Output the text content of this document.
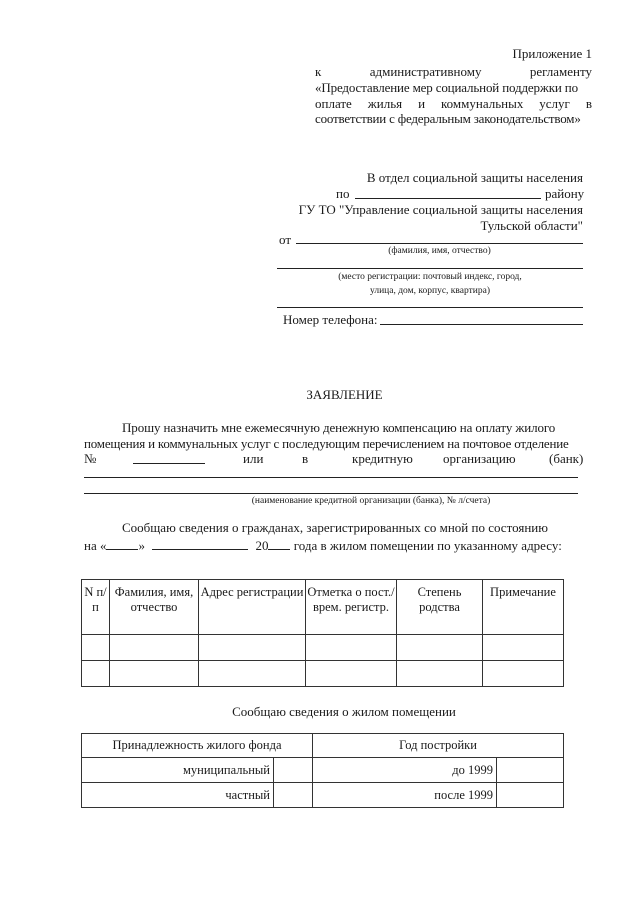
Приложение 1
к	административному	регламенту
«Предоставление мер социальной поддержки по
оплате жилья и коммунальных услуг в
соответствии с федеральным законодательством»
В отдел социальной защиты населения
по	району
ГУ ТО "Управление социальной защиты населения
Тульской области"
от
(фамилия, имя, отчество)
(место регистрации: почтовый индекс, город,
улица, дом, корпус, квартира)
Номер телефона:
ЗАЯВЛЕНИЕ
Прошу назначить мне ежемесячную денежную компенсацию на оплату жилого
помещения и коммунальных услуг с последующим перечислением на почтовое отделение
№	или	в	кредитную организацию	(банк)
(наименование кредитной организации (банка), № л/счета)
Сообщаю сведения о гражданах, зарегистрированных со мной по состоянию
на « »	20 года в жилом помещении по указанному адресу:
N п/п	Фамилия, имя, отчество	Адрес регистрации	Отметка о пост./врем. регистр.	Степень родства	Примечание

Сообщаю сведения о жилом помещении
Принадлежность жилого фонда		Год постройки	
муниципальный		до 1999	
частный		после 1999	
